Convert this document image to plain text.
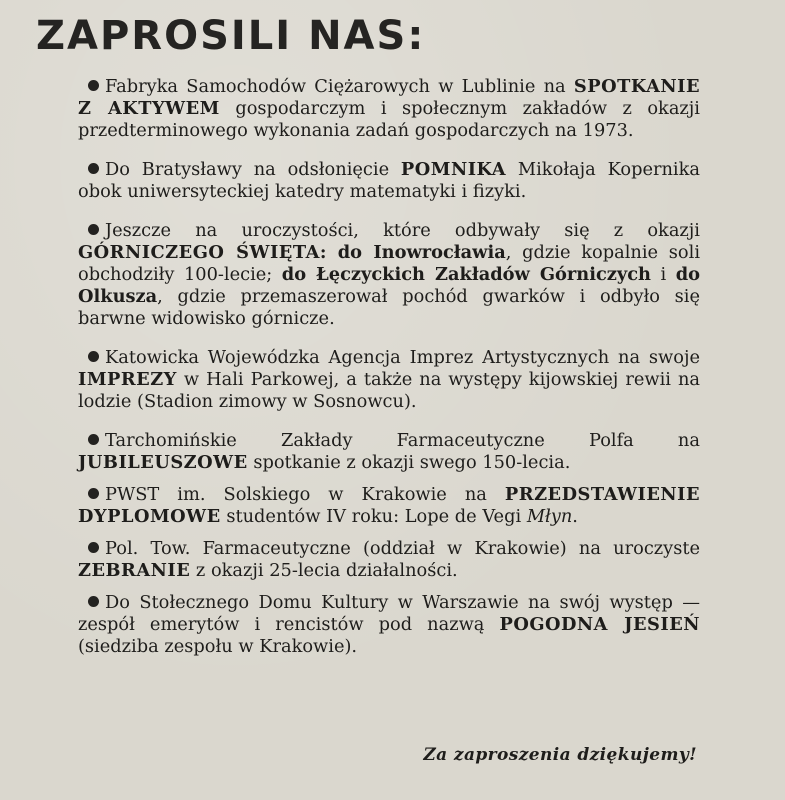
ZAPROSILI NAS:

Fabryka Samochodów Ciężarowych w Lublinie na SPOTKANIE Z AKTYWEM gospodarczym i społecznym zakładów z okazji przedterminowego wykonania zadań gospodarczych na 1973.

Do Bratysławy na odsłonięcie POMNIKA Mikołaja Kopernika obok uniwersyteckiej katedry matematyki i fizyki.

Jeszcze na uroczystości, które odbywały się z okazji GÓRNICZEGO ŚWIĘTA: do Inowrocławia, gdzie kopalnie soli obchodziły 100-lecie; do Łęczyckich Zakładów Górniczych i do Olkusza, gdzie przemaszerował pochód gwarków i odbyło się barwne widowisko górnicze.

Katowicka Wojewódzka Agencja Imprez Artystycznych na swoje IMPREZY w Hali Parkowej, a także na występy kijowskiej rewii na lodzie (Stadion zimowy w Sosnowcu).

Tarchomińskie Zakłady Farmaceutyczne Polfa na JUBILEUSZOWE spotkanie z okazji swego 150-lecia.

PWST im. Solskiego w Krakowie na PRZEDSTAWIENIE DYPLOMOWE studentów IV roku: Lope de Vegi Młyn.

Pol. Tow. Farmaceutyczne (oddział w Krakowie) na uroczyste ZEBRANIE z okazji 25-lecia działalności.

Do Stołecznego Domu Kultury w Warszawie na swój występ — zespół emerytów i rencistów pod nazwą POGODNA JESIEŃ (siedziba zespołu w Krakowie).

Za zaproszenia dziękujemy!
